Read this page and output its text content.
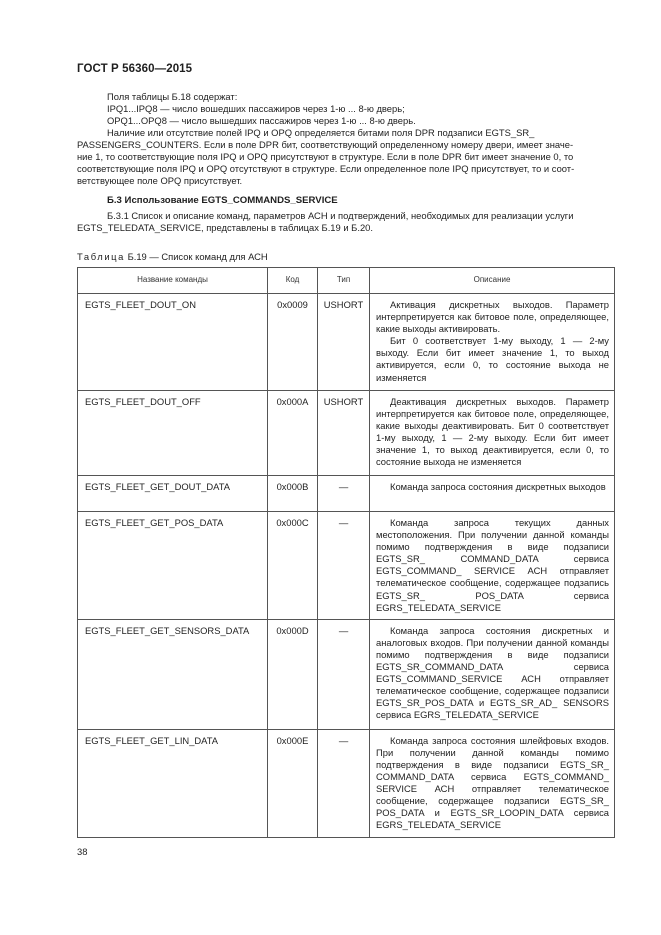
ГОСТ Р 56360—2015
Поля таблицы Б.18 содержат:
IPQ1...IPQ8 — число вошедших пассажиров через 1-ю ... 8-ю дверь;
OPQ1...OPQ8 — число вышедших пассажиров через 1-ю ... 8-ю дверь.
Наличие или отсутствие полей IPQ и OPQ определяется битами поля DPR подзаписи EGTS_SR_
PASSENGERS_COUNTERS. Если в поле DPR бит, соответствующий определенному номеру двери, имеет значе-
ние 1, то соответствующие поля IPQ и OPQ присутствуют в структуре. Если в поле DPR бит имеет значение 0, то
соответствующие поля IPQ и OPQ отсутствуют в структуре. Если определенное поле IPQ присутствует, то и соот-
ветствующее поле OPQ присутствует.
Б.3 Использование EGTS_COMMANDS_SERVICE
Б.3.1 Список и описание команд, параметров АСН и подтверждений, необходимых для реализации услуги
EGTS_TELEDATA_SERVICE, представлены в таблицах Б.19 и Б.20.
Таблица Б.19 — Список команд для АСН
Название команды	Код	Тип	Описание
EGTS_FLEET_DOUT_ON	0x0009	USHORT	Активация дискретных выходов. Параметр интерпретируется как битовое поле, определяющее, какие выходы активировать.

Бит 0 соответствует 1-му выходу, 1 — 2-му выходу. Если бит имеет значение 1, то выход активируется, если 0, то состояние выхода не изменяется

EGTS_FLEET_DOUT_OFF	0x000A	USHORT	Деактивация дискретных выходов. Параметр интерпретируется как битовое поле, определяющее, какие выходы деактивировать. Бит 0 соответствует 1-му выходу, 1 — 2-му выходу. Если бит имеет значение 1, то выход деактивируется, если 0, то состояние выхода не изменяется

EGTS_FLEET_GET_DOUT_DATA	0x000B	—	Команда запроса состояния дискретных выходов

EGTS_FLEET_GET_POS_DATA	0x000C	—	Команда запроса текущих данных местоположения. При получении данной команды помимо подтверждения в виде подзаписи EGTS_SR_ COMMAND_DATA сервиса EGTS_COMMAND_ SERVICE АСН отправляет телематическое сообщение, содержащее подзапись EGTS_SR_ POS_DATA сервиса EGRS_TELEDATA_SERVICE

EGTS_FLEET_GET_SENSORS_DATA	0x000D	—	Команда запроса состояния дискретных и аналоговых входов. При получении данной команды помимо подтверждения в виде подзаписи EGTS_SR_COMMAND_DATA сервиса EGTS_COMMAND_SERVICE АСН отправляет телематическое сообщение, содержащее подзаписи EGTS_SR_POS_DATA и EGTS_SR_AD_ SENSORS сервиса EGRS_TELEDATA_SERVICE

EGTS_FLEET_GET_LIN_DATA	0x000E	—	Команда запроса состояния шлейфовых входов. При получении данной команды помимо подтверждения в виде подзаписи EGTS_SR_ COMMAND_DATA сервиса EGTS_COMMAND_ SERVICE АСН отправляет телематическое сообщение, содержащее подзаписи EGTS_SR_ POS_DATA и EGTS_SR_LOOPIN_DATA сервиса EGRS_TELEDATA_SERVICE

38
